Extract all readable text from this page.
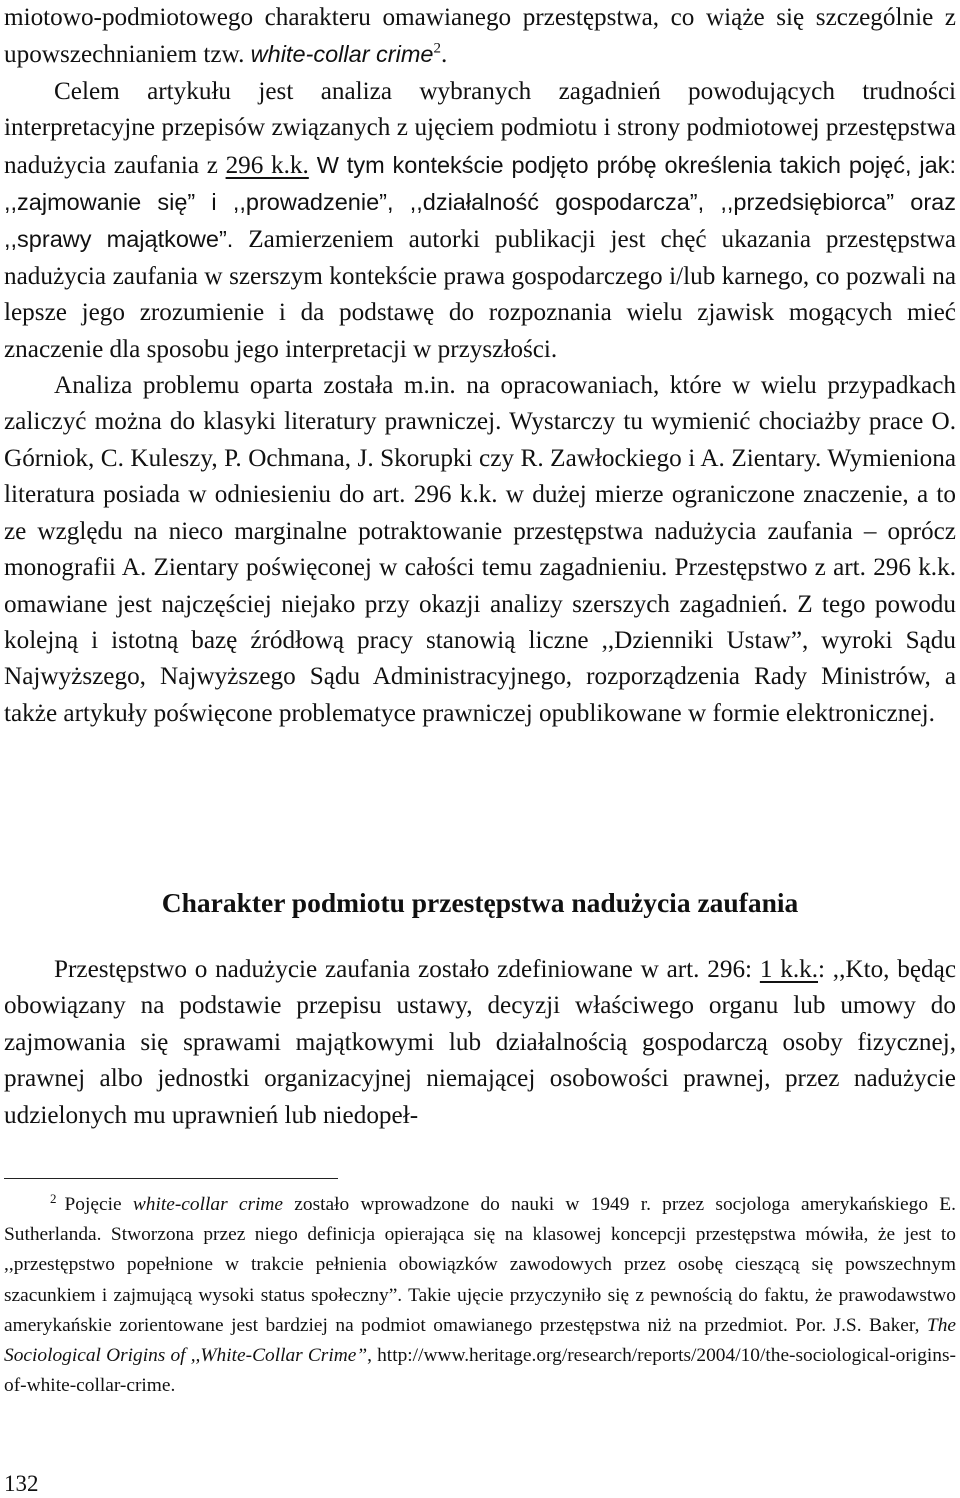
miotowo-podmiotowego charakteru omawianego przestępstwa, co wiąże się szczególnie z upowszechnianiem tzw. white-collar crime$^2$.

Celem artykułu jest analiza wybranych zagadnień powodujących trudności interpretacyjne przepisów związanych z ujęciem podmiotu i strony podmiotowej przestępstwa nadużycia zaufania z 296 k.k. W tym kontekście podjęto próbę określenia takich pojęć, jak: ,,zajmowanie się” i ,,prowadzenie”, ,,działalność gospodarcza”, ,,przedsiębiorca” oraz ,,sprawy majątkowe”. Zamierzeniem autorki publikacji jest chęć ukazania przestępstwa nadużycia zaufania w szerszym kontekście prawa gospodarczego i/lub karnego, co pozwali na lepsze jego zrozumienie i da podstawę do rozpoznania wielu zjawisk mogących mieć znaczenie dla sposobu jego interpretacji w przyszłości.

Analiza problemu oparta została m.in. na opracowaniach, które w wielu przypadkach zaliczyć można do klasyki literatury prawniczej. Wystarczy tu wymienić chociażby prace O. Górniok, C. Kuleszy, P. Ochmana, J. Skorupki czy R. Zawłockiego i A. Zientary. Wymieniona literatura posiada w odniesieniu do art. 296 k.k. w dużej mierze ograniczone znaczenie, a to ze względu na nieco marginalne potraktowanie przestępstwa nadużycia zaufania – oprócz monografii A. Zientary poświęconej w całości temu zagadnieniu. Przestępstwo z art. 296 k.k. omawiane jest najczęściej niejako przy okazji analizy szerszych zagadnień. Z tego powodu kolejną i istotną bazę źródłową pracy stanowią liczne ,,Dzienniki Ustaw”, wyroki Sądu Najwyższego, Najwyższego Sądu Administracyjnego, rozporządzenia Rady Ministrów, a także artykuły poświęcone problematyce prawniczej opublikowane w formie elektronicznej.

Charakter podmiotu przestępstwa nadużycia zaufania

Przestępstwo o nadużycie zaufania zostało zdefiniowane w art. 296: 1 k.k.: ,,Kto, będąc obowiązany na podstawie przepisu ustawy, decyzji właściwego organu lub umowy do zajmowania się sprawami majątkowymi lub działalnością gospodarczą osoby fizycznej, prawnej albo jednostki organizacyjnej niemającej osobowości prawnej, przez nadużycie udzielonych mu uprawnień lub niedopeł-

$^2$ Pojęcie white-collar crime zostało wprowadzone do nauki w 1949 r. przez socjologa amerykańskiego E. Sutherlanda. Stworzona przez niego definicja opierająca się na klasowej koncepcji przestępstwa mówiła, że jest to ,,przestępstwo popełnione w trakcie pełnienia obowiązków zawodowych przez osobę cieszącą się powszechnym szacunkiem i zajmującą wysoki status społeczny”. Takie ujęcie przyczyniło się z pewnością do faktu, że prawodawstwo amerykańskie zorientowane jest bardziej na podmiot omawianego przestępstwa niż na przedmiot. Por. J.S. Baker, The Sociological Origins of ,,White-Collar Crime”, http://www.heritage.org/research/reports/2004/10/the-sociological-origins-of-white-collar-crime.

132
